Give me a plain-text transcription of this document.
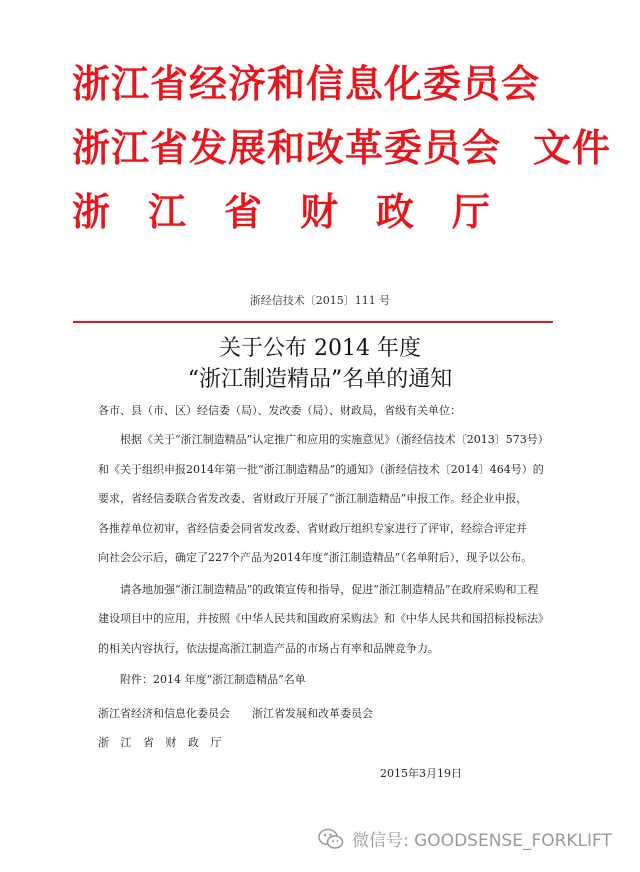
浙江省经济和信息化委员会
浙江省发展和改革委员会 文件
浙江省财政厅
浙经信技术〔2015〕111 号
关于公布 2014 年度
“浙江制造精品”名单的通知
各市、县（市、区）经信委（局）、发改委（局）、财政局，省级有关单位：
根据《关于“浙江制造精品”认定推广和应用的实施意见》（浙经信技术〔2013〕573号）
和《关于组织申报2014年第一批“浙江制造精品”的通知》（浙经信技术〔2014〕464号）的
要求，省经信委联合省发改委、省财政厅开展了“浙江制造精品”申报工作。经企业申报，
各推荐单位初审，省经信委会同省发改委、省财政厅组织专家进行了评审，经综合评定并
向社会公示后，确定了227个产品为2014年度“浙江制造精品”（名单附后），现予以公布。
请各地加强“浙江制造精品”的政策宣传和指导，促进“浙江制造精品”在政府采购和工程
建设项目中的应用，并按照《中华人民共和国政府采购法》和《中华人民共和国招标投标法》
的相关内容执行，依法提高浙江制造产品的市场占有率和品牌竞争力。
附件：2014 年度“浙江制造精品”名单
浙江省经济和信息化委员会 浙江省发展和改革委员会
浙 江 省 财 政 厅
2015年3月19日
微信号: GOODSENSE_FORKLIFT
